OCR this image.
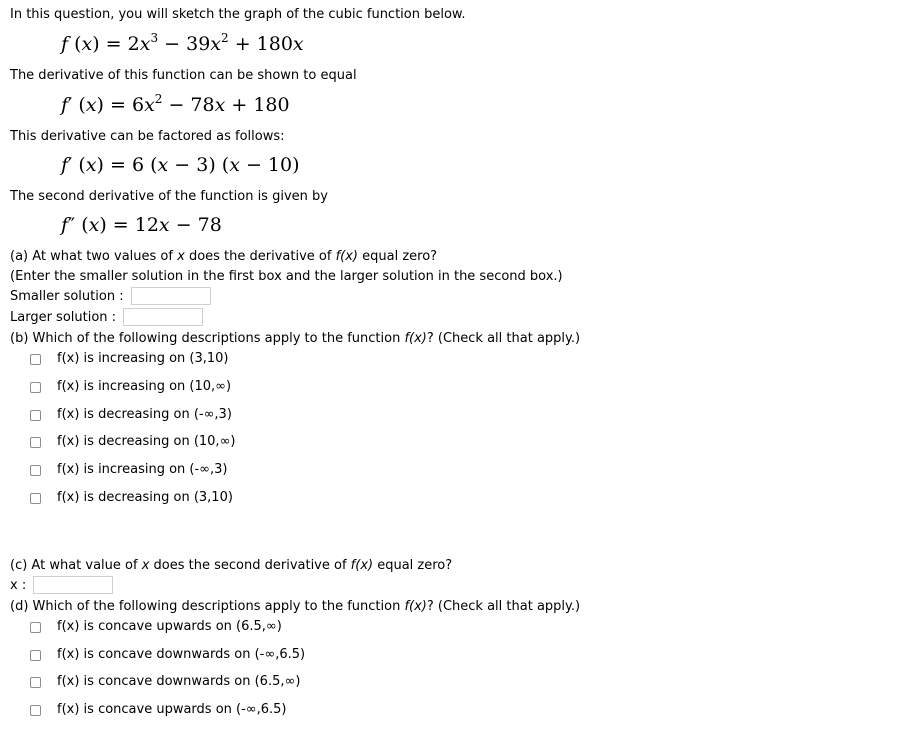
In this question, you will sketch the graph of the cubic function below.
f $(x) = 2x^3 - 39x^2 + 180x$
The derivative of this function can be shown to equal
f′ $(x) = 6x^2 - 78x + 180$
This derivative can be factored as follows:
f′ (x) = 6 (x − 3) (x − 10)
The second derivative of the function is given by
f″ (x) = 12x − 78
(a) At what two values of x does the derivative of f(x) equal zero?
(Enter the smaller solution in the first box and the larger solution in the second box.)
Smaller solution :
Larger solution :
(b) Which of the following descriptions apply to the function f(x)? (Check all that apply.)
f(x) is increasing on (3,10)
f(x) is increasing on (10,∞)
f(x) is decreasing on (-∞,3)
f(x) is decreasing on (10,∞)
f(x) is increasing on (-∞,3)
f(x) is decreasing on (3,10)
(c) At what value of x does the second derivative of f(x) equal zero?
x :
(d) Which of the following descriptions apply to the function f(x)? (Check all that apply.)
f(x) is concave upwards on (6.5,∞)
f(x) is concave downwards on (-∞,6.5)
f(x) is concave downwards on (6.5,∞)
f(x) is concave upwards on (-∞,6.5)
